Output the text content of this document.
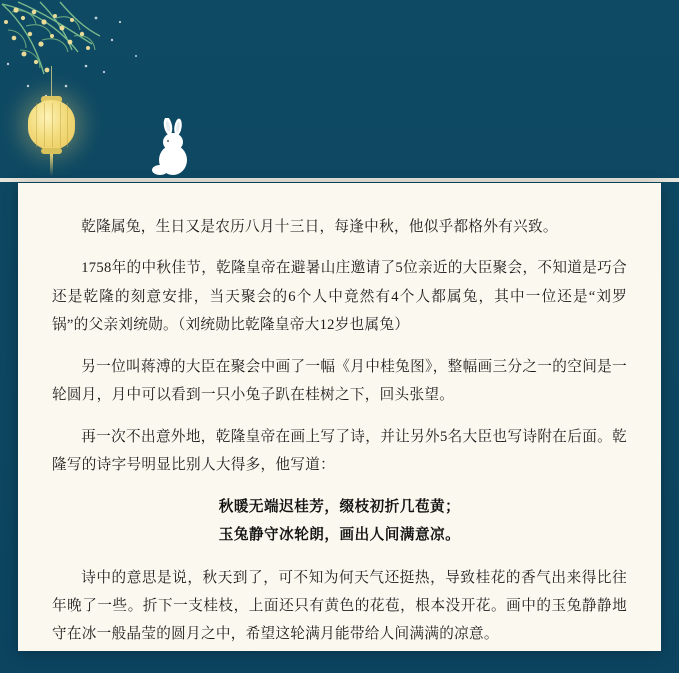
乾隆属兔，生日又是农历八月十三日，每逢中秋，他似乎都格外有兴致。

1758年的中秋佳节，乾隆皇帝在避暑山庄邀请了5位亲近的大臣聚会，不知道是巧合还是乾隆的刻意安排，当天聚会的6个人中竟然有4个人都属兔，其中一位还是“刘罗锅”的父亲刘统勋。（刘统勋比乾隆皇帝大12岁也属兔）

另一位叫蒋溥的大臣在聚会中画了一幅《月中桂兔图》，整幅画三分之一的空间是一轮圆月，月中可以看到一只小兔子趴在桂树之下，回头张望。

再一次不出意外地，乾隆皇帝在画上写了诗，并让另外5名大臣也写诗附在后面。乾隆写的诗字号明显比别人大得多，他写道：

秋暖无端迟桂芳，缀枝初折几苞黄；
玉兔静守冰轮朗，画出人间满意凉。

诗中的意思是说，秋天到了，可不知为何天气还挺热，导致桂花的香气出来得比往年晚了一些。折下一支桂枝，上面还只有黄色的花苞，根本没开花。画中的玉兔静静地守在冰一般晶莹的圆月之中，希望这轮满月能带给人间满满的凉意。
